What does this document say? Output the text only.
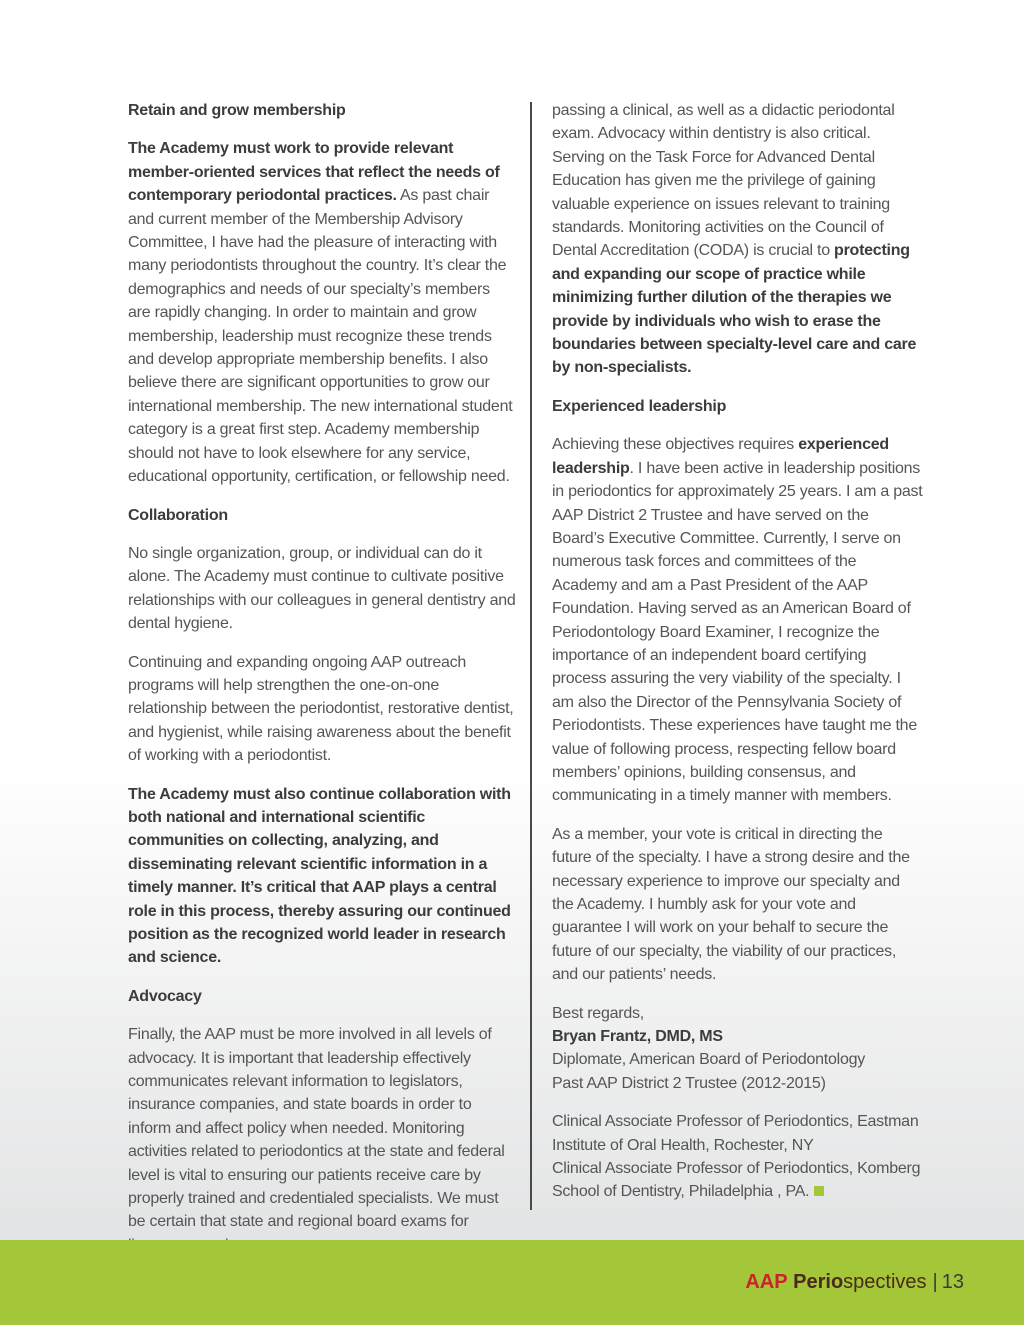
Retain and grow membership

The Academy must work to provide relevant member-oriented services that reflect the needs of contemporary periodontal practices. As past chair and current member of the Membership Advisory Committee, I have had the pleasure of interacting with many periodontists throughout the country. It’s clear the demographics and needs of our specialty’s members are rapidly changing. In order to maintain and grow membership, leadership must recognize these trends and develop appropriate membership benefits. I also believe there are significant opportunities to grow our international membership. The new international student category is a great first step. Academy membership should not have to look elsewhere for any service, educational opportunity, certification, or fellowship need.

Collaboration

No single organization, group, or individual can do it alone. The Academy must continue to cultivate positive relationships with our colleagues in general dentistry and dental hygiene.

Continuing and expanding ongoing AAP outreach programs will help strengthen the one-on-one relationship between the periodontist, restorative dentist, and hygienist, while raising awareness about the benefit of working with a periodontist.

The Academy must also continue collaboration with both national and international scientific communities on collecting, analyzing, and disseminating relevant scientific information in a timely manner. It’s critical that AAP plays a central role in this process, thereby assuring our continued position as the recognized world leader in research and science.

Advocacy

Finally, the AAP must be more involved in all levels of advocacy. It is important that leadership effectively communicates relevant information to legislators, insurance companies, and state boards in order to inform and affect policy when needed. Monitoring activities related to periodontics at the state and federal level is vital to ensuring our patients receive care by properly trained and credentialed specialists. We must be certain that state and regional board exams for

passing a clinical, as well as a didactic periodontal exam. Advocacy within dentistry is also critical. Serving on the Task Force for Advanced Dental Education has given me the privilege of gaining valuable experience on issues relevant to training standards. Monitoring activities on the Council of Dental Accreditation (CODA) is crucial to protecting and expanding our scope of practice while minimizing further dilution of the therapies we provide by individuals who wish to erase the boundaries between specialty-level care and care by non-specialists.

Experienced leadership

Achieving these objectives requires experienced leadership. I have been active in leadership positions in periodontics for approximately 25 years. I am a past AAP District 2 Trustee and have served on the Board’s Executive Committee. Currently, I serve on numerous task forces and committees of the Academy and am a Past President of the AAP Foundation. Having served as an American Board of Periodontology Board Examiner, I recognize the importance of an independent board certifying process assuring the very viability of the specialty. I am also the Director of the Pennsylvania Society of Periodontists. These experiences have taught me the value of following process, respecting fellow board members’ opinions, building consensus, and communicating in a timely manner with members.

As a member, your vote is critical in directing the future of the specialty. I have a strong desire and the necessary experience to improve our specialty and the Academy. I humbly ask for your vote and guarantee I will work on your behalf to secure the future of our specialty, the viability of our practices, and our patients’ needs.

Best regards,

Bryan Frantz, DMD, MS

Diplomate, American Board of Periodontology

Past AAP District 2 Trustee (2012-2015)

Clinical Associate Professor of Periodontics, Eastman Institute of Oral Health, Rochester, NY

Clinical Associate Professor of Periodontics, Komberg School of Dentistry, Philadelphia , PA.

AAP Periospectives | 13
